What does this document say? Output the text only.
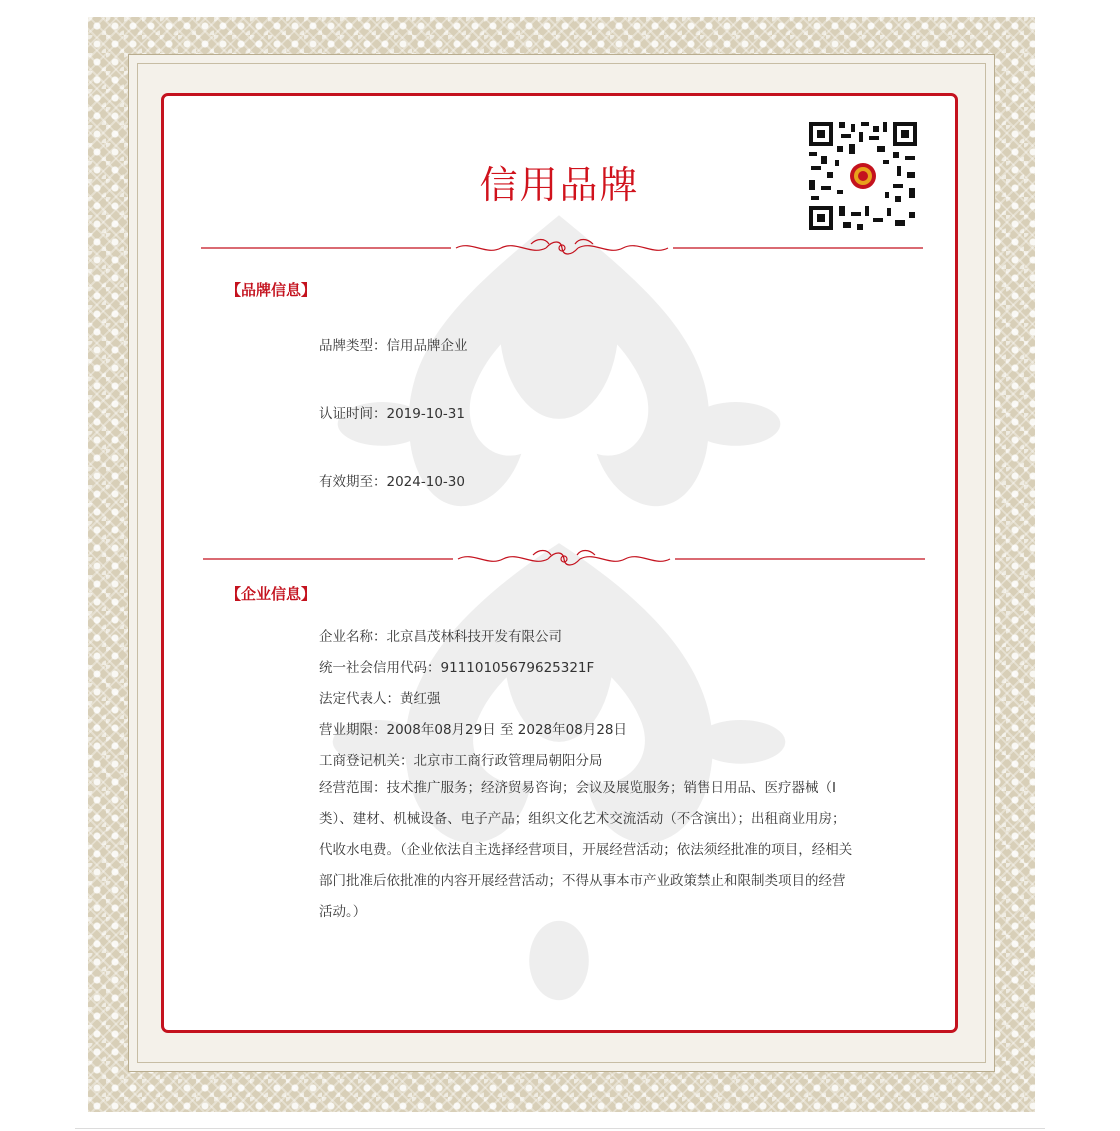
信用品牌
【品牌信息】
品牌类型：信用品牌企业
认证时间：2019-10-31
有效期至：2024-10-30
【企业信息】
企业名称：北京昌茂林科技开发有限公司
统一社会信用代码：91110105679625321F
法定代表人：黄红强
营业期限：2008年08月29日 至 2028年08月28日
工商登记机关：北京市工商行政管理局朝阳分局
经营范围：技术推广服务；经济贸易咨询；会议及展览服务；销售日用品、医疗器械（Ⅰ类）、建材、机械设备、电子产品；组织文化艺术交流活动（不含演出）；出租商业用房；代收水电费。（企业依法自主选择经营项目，开展经营活动；依法须经批准的项目，经相关部门批准后依批准的内容开展经营活动；不得从事本市产业政策禁止和限制类项目的经营活动。）
